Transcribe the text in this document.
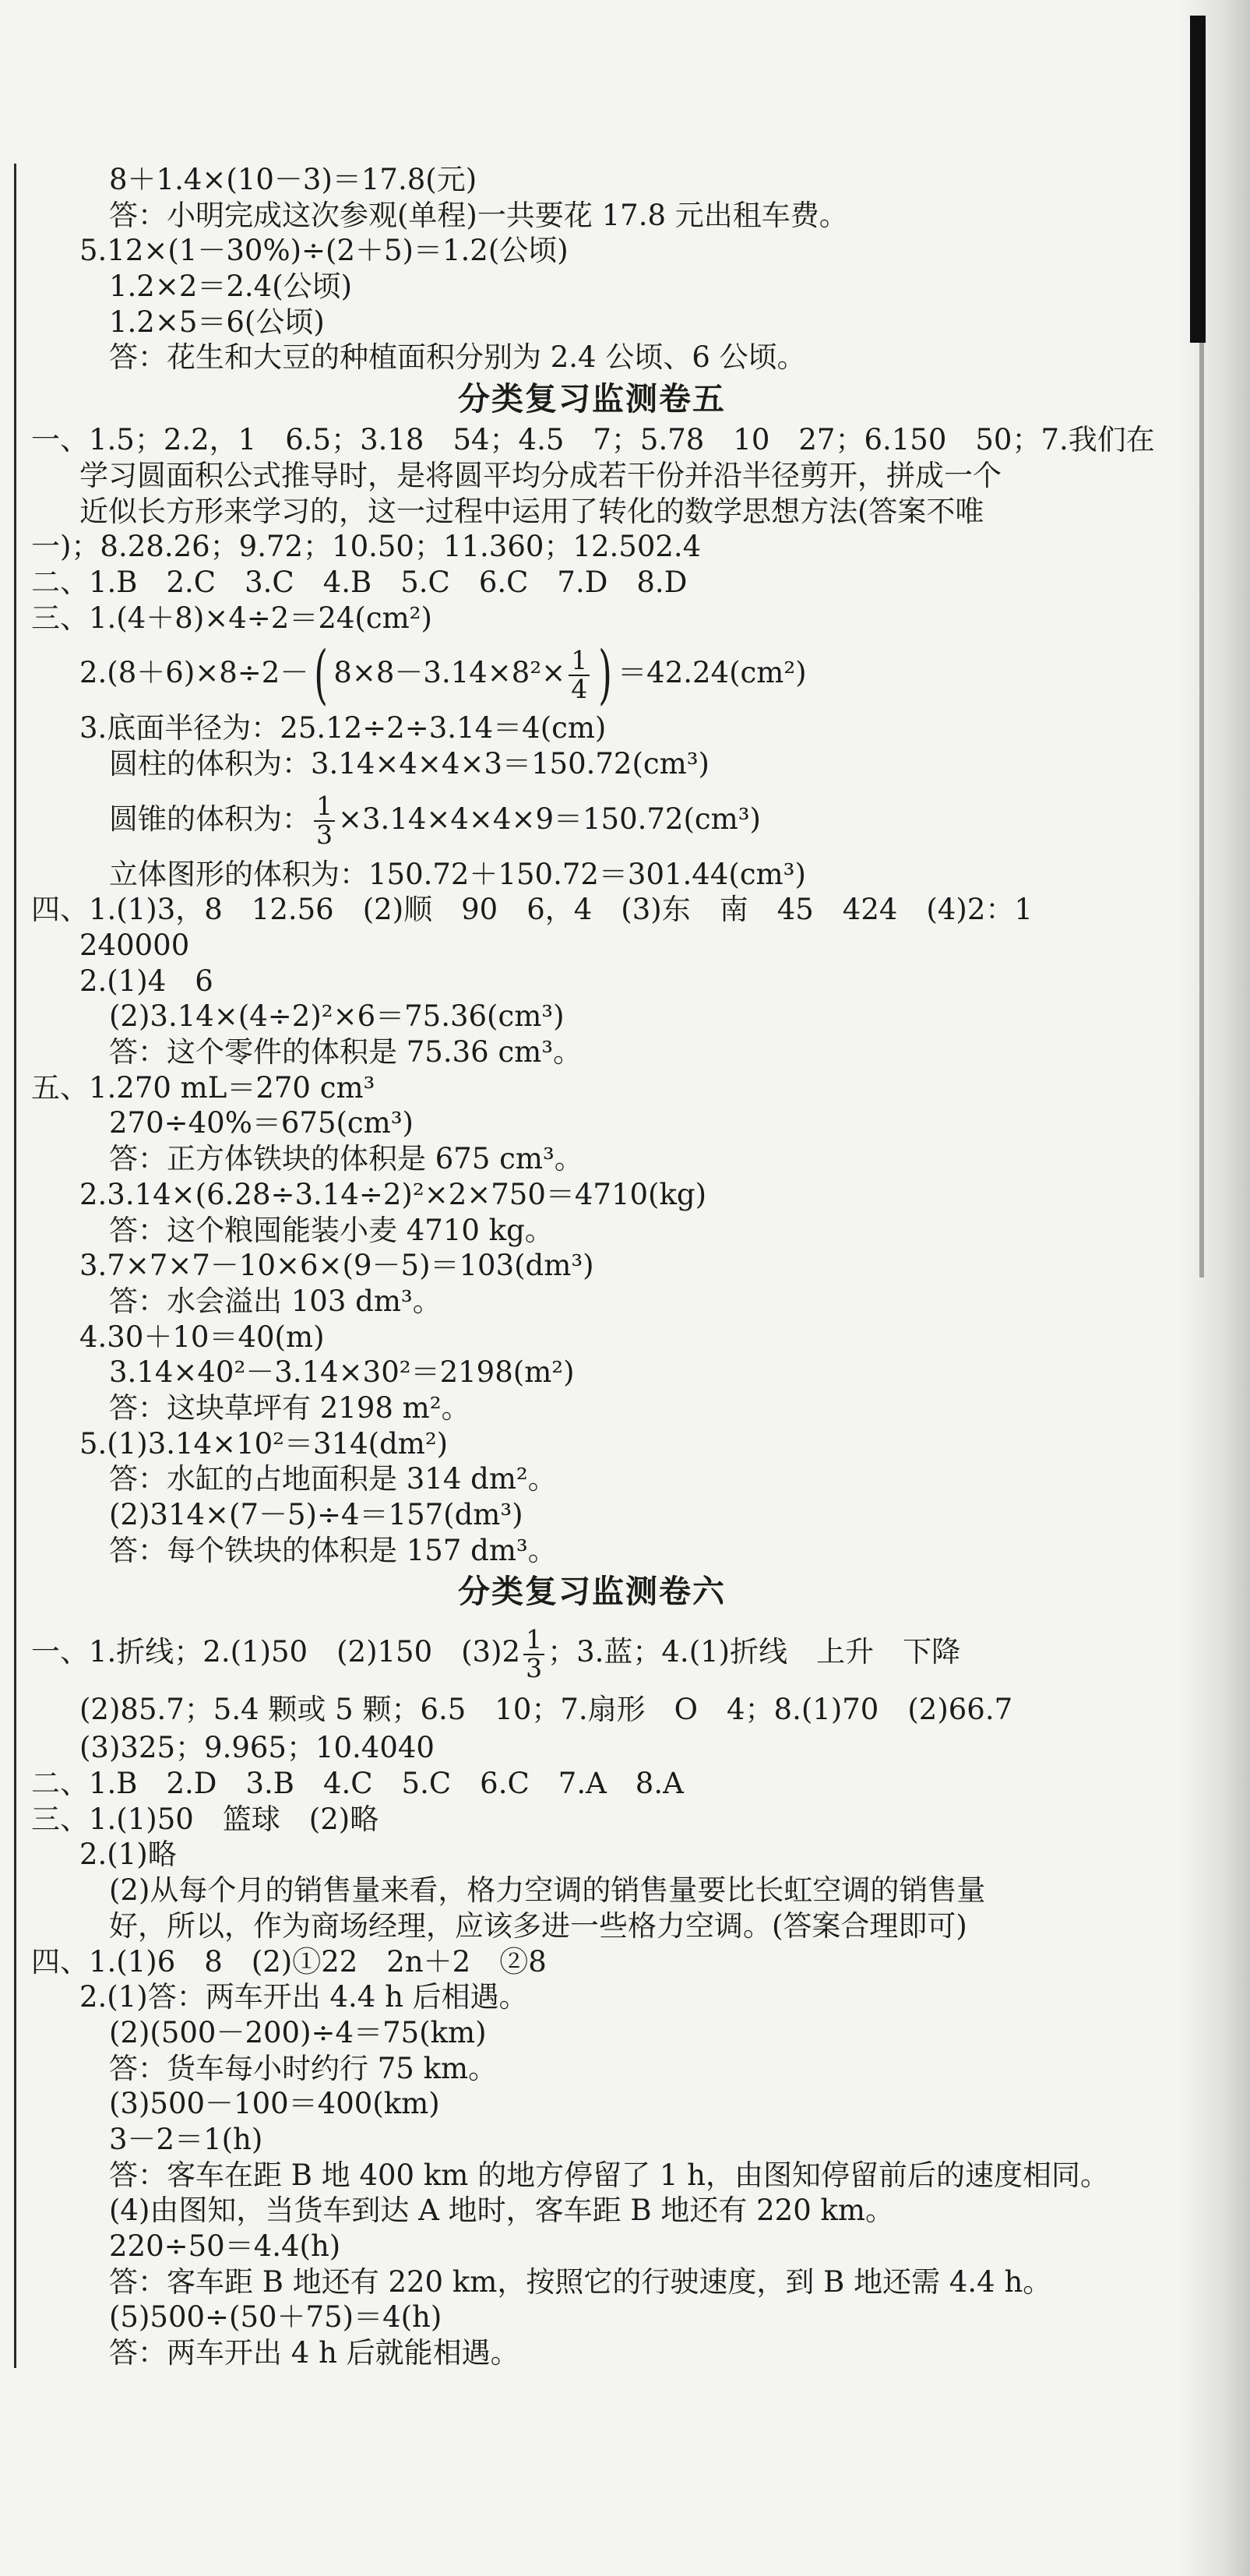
8＋1.4×(10－3)＝17.8(元)
答：小明完成这次参观(单程)一共要花 17.8 元出租车费。
5.12×(1－30%)÷(2＋5)＝1.2(公顷)
1.2×2＝2.4(公顷)
1.2×5＝6(公顷)
答：花生和大豆的种植面积分别为 2.4 公顷、6 公顷。
分类复习监测卷五
一、1.5；2.2，1　6.5；3.18　54；4.5　7；5.78　10　27；6.150　50；7.我们在
学习圆面积公式推导时，是将圆平均分成若干份并沿半径剪开，拼成一个
近似长方形来学习的，这一过程中运用了转化的数学思想方法(答案不唯
一)；8.28.26；9.72；10.50；11.360；12.502.4
二、1.B　2.C　3.C　4.B　5.C　6.C　7.D　8.D
三、1.(4＋8)×4÷2＝24(cm²)
2.(8＋6)×8÷2－( $8\times 8-3.14\times 8^2\times \frac{1}{4}$ ) ＝42.24(cm²)
3.底面半径为：25.12÷2÷3.14＝4(cm)
圆柱的体积为：3.14×4×4×3＝150.72(cm³)
圆锥的体积为： $\frac{1}{3} \times 3.14\times 4\times 4\times 9=150.72(cm^3)$
立体图形的体积为：150.72＋150.72＝301.44(cm³)
四、1.(1)3，8　12.56　(2)顺　90　6，4　(3)东　南　45　424　(4)2：1
240000
2.(1)4　6
(2)3.14×(4÷2)²×6＝75.36(cm³)
答：这个零件的体积是 75.36 cm³。
五、1.270 mL＝270 cm³
270÷40%＝675(cm³)
答：正方体铁块的体积是 675 cm³。
2.3.14×(6.28÷3.14÷2)²×2×750＝4710(kg)
答：这个粮囤能装小麦 4710 kg。
3.7×7×7－10×6×(9－5)＝103(dm³)
答：水会溢出 103 dm³。
4.30＋10＝40(m)
3.14×40²－3.14×30²＝2198(m²)
答：这块草坪有 2198 m²。
5.(1)3.14×10²＝314(dm²)
答：水缸的占地面积是 314 dm²。
(2)314×(7－5)÷4＝157(dm³)
答：每个铁块的体积是 157 dm³。
分类复习监测卷六
一、1.折线；2.(1)50　(2)150　$(3)2 \frac{1}{3}$ ；3.蓝；4.(1)折线　上升　下降
(2)85.7；5.4 颗或 5 颗；6.5　10；7.扇形　O　4；8.(1)70　(2)66.7
(3)325；9.965；10.4040
二、1.B　2.D　3.B　4.C　5.C　6.C　7.A　8.A
三、1.(1)50　篮球　(2)略
2.(1)略
(2)从每个月的销售量来看，格力空调的销售量要比长虹空调的销售量
好，所以，作为商场经理，应该多进一些格力空调。(答案合理即可)
四、1.(1)6　8　(2)①22　2n＋2　②8
2.(1)答：两车开出 4.4 h 后相遇。
(2)(500－200)÷4＝75(km)
答：货车每小时约行 75 km。
(3)500－100＝400(km)
3－2＝1(h)
答：客车在距 B 地 400 km 的地方停留了 1 h，由图知停留前后的速度相同。
(4)由图知，当货车到达 A 地时，客车距 B 地还有 220 km。
220÷50＝4.4(h)
答：客车距 B 地还有 220 km，按照它的行驶速度，到 B 地还需 4.4 h。
(5)500÷(50＋75)＝4(h)
答：两车开出 4 h 后就能相遇。
